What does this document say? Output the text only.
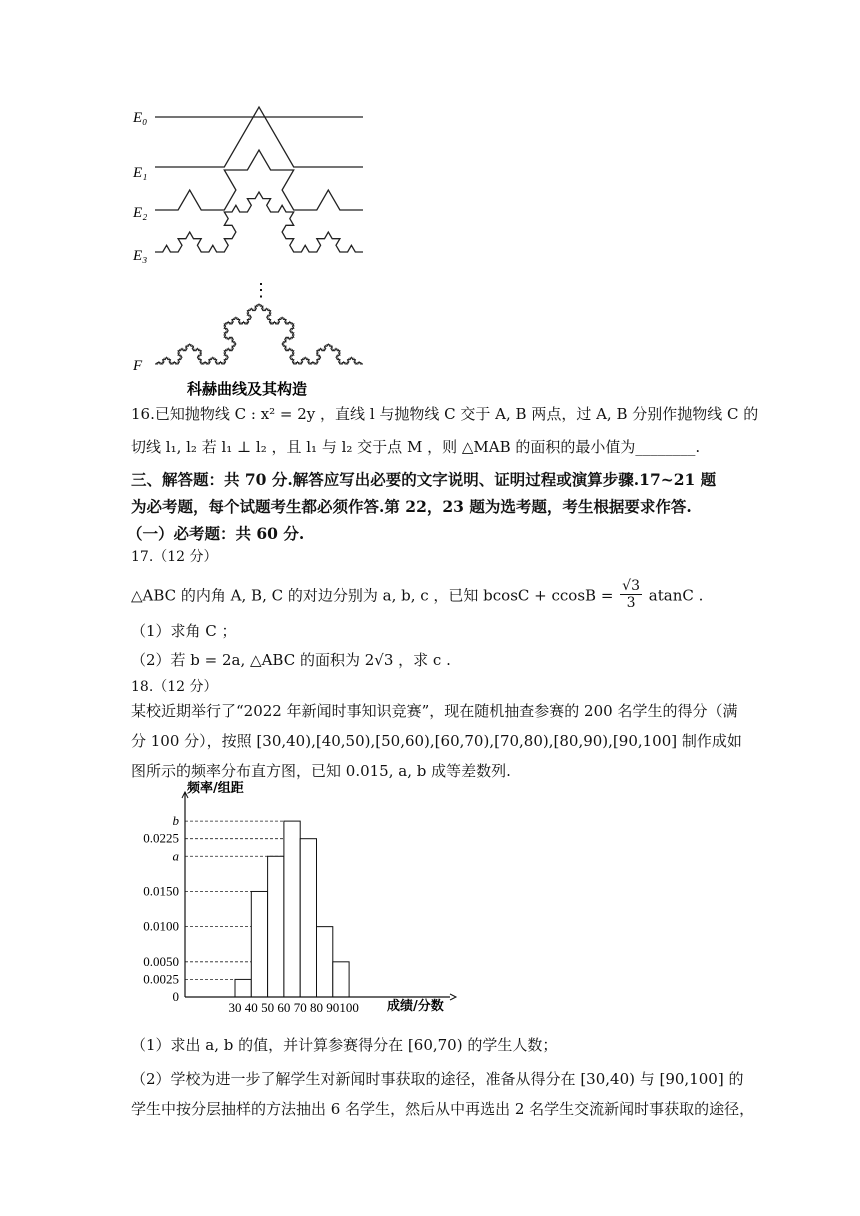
E₀
E₁
E₂
E₃
F
⋮
科赫曲线及其构造
16.已知抛物线 C : x² = 2y ，直线 l 与抛物线 C 交于 A, B 两点，过 A, B 分别作抛物线 C 的
切线 l₁, l₂ 若 l₁ ⊥ l₂ ，且 l₁ 与 l₂ 交于点 M ，则 △MAB 的面积的最小值为________.
三、解答题：共 70 分.解答应写出必要的文字说明、证明过程或演算步骤.17~21 题
为必考题，每个试题考生都必须作答.第 22，23 题为选考题，考生根据要求作答.
（一）必考题：共 60 分.
17.（12 分）
△ABC 的内角 A, B, C 的对边分别为 a, b, c ，已知 $bcosC + ccosB = \frac{√3}{3}$ atanC .
（1）求角 C ；
（2）若 b = 2a, △ABC 的面积为 2√3 ，求 c .
18.（12 分）
某校近期举行了“2022 年新闻时事知识竞赛”，现在随机抽查参赛的 200 名学生的得分（满
分 100 分），按照 [30,40),[40,50),[50,60),[60,70),[70,80),[80,90),[90,100] 制作成如
图所示的频率分布直方图，已知 0.015, a, b 成等差数列.
频率/组距
成绩/分数
0
0.0025
0.0050
0.0100
0.0150
a
0.0225
b
30 40 50 60 70 80 90 100
（1）求出 a, b 的值，并计算参赛得分在 [60,70) 的学生人数；
（2）学校为进一步了解学生对新闻时事获取的途径，准备从得分在 [30,40) 与 [90,100] 的
学生中按分层抽样的方法抽出 6 名学生，然后从中再选出 2 名学生交流新闻时事获取的途径，
